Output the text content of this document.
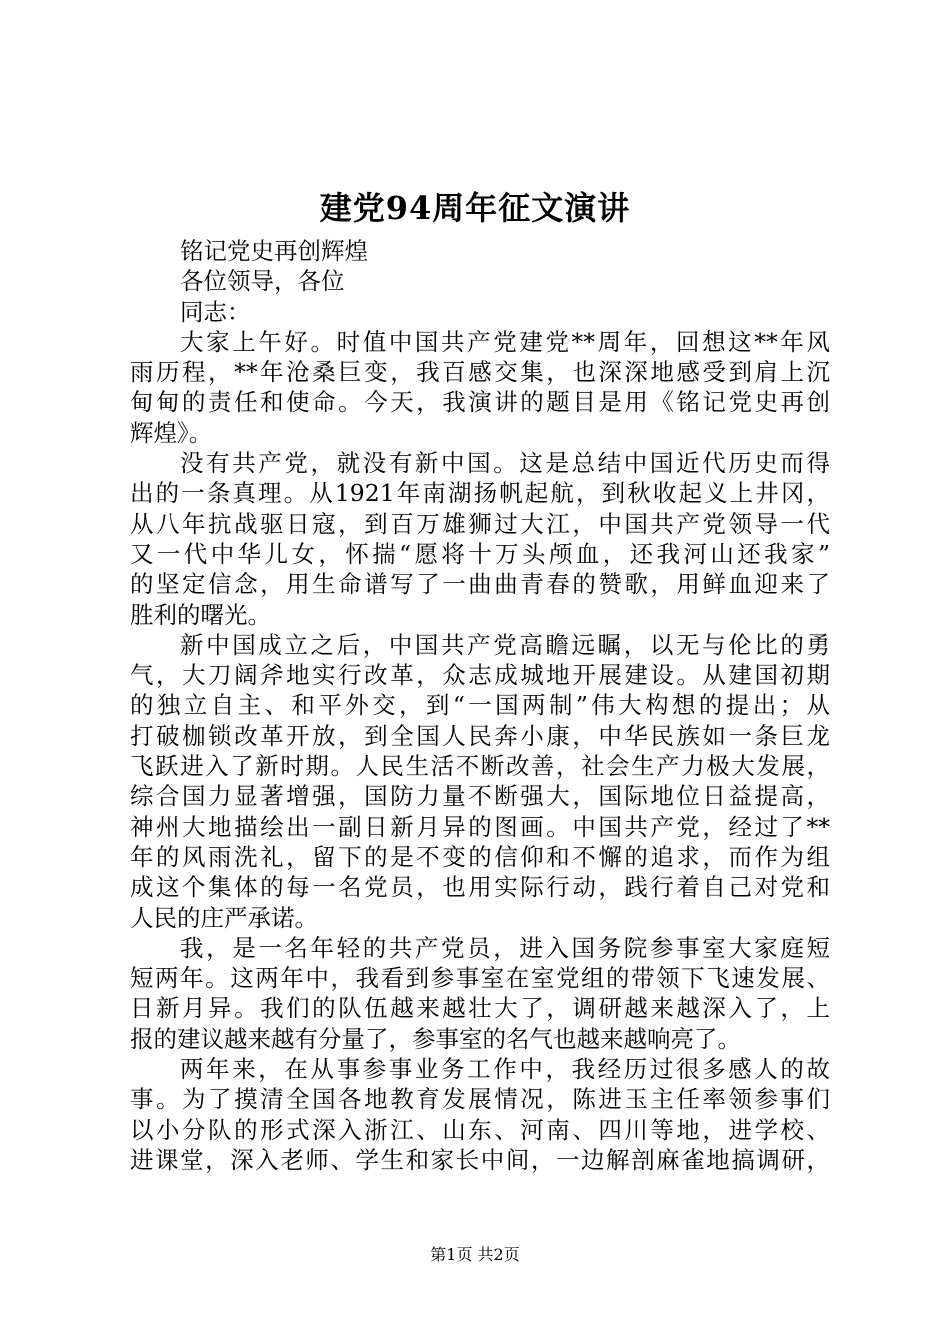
建党94周年征文演讲
铭记党史再创辉煌
各位领导，各位
同志：
大家上午好。时值中国共产党建党**周年，回想这**年风
雨历程，**年沧桑巨变，我百感交集，也深深地感受到肩上沉
甸甸的责任和使命。今天，我演讲的题目是用《铭记党史再创
辉煌》。
没有共产党，就没有新中国。这是总结中国近代历史而得
出的一条真理。从1921年南湖扬帆起航，到秋收起义上井冈，
从八年抗战驱日寇，到百万雄狮过大江，中国共产党领导一代
又一代中华儿女，怀揣“愿将十万头颅血，还我河山还我家”
的坚定信念，用生命谱写了一曲曲青春的赞歌，用鲜血迎来了
胜利的曙光。
新中国成立之后，中国共产党高瞻远瞩，以无与伦比的勇
气，大刀阔斧地实行改革，众志成城地开展建设。从建国初期
的独立自主、和平外交，到“一国两制”伟大构想的提出；从
打破枷锁改革开放，到全国人民奔小康，中华民族如一条巨龙
飞跃进入了新时期。人民生活不断改善，社会生产力极大发展，
综合国力显著增强，国防力量不断强大，国际地位日益提高，
神州大地描绘出一副日新月异的图画。中国共产党，经过了**
年的风雨洗礼，留下的是不变的信仰和不懈的追求，而作为组
成这个集体的每一名党员，也用实际行动，践行着自己对党和
人民的庄严承诺。
我，是一名年轻的共产党员，进入国务院参事室大家庭短
短两年。这两年中，我看到参事室在室党组的带领下飞速发展、
日新月异。我们的队伍越来越壮大了，调研越来越深入了，上
报的建议越来越有分量了，参事室的名气也越来越响亮了。
两年来，在从事参事业务工作中，我经历过很多感人的故
事。为了摸清全国各地教育发展情况，陈进玉主任率领参事们
以小分队的形式深入浙江、山东、河南、四川等地，进学校、
进课堂，深入老师、学生和家长中间，一边解剖麻雀地搞调研，
第1页 共2页
